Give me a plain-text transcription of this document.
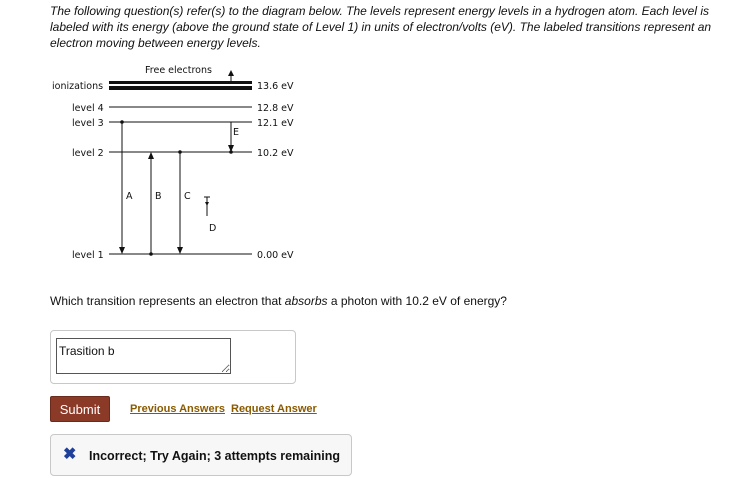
The following question(s) refer(s) to the diagram below. The levels represent energy levels in a hydrogen atom. Each level is labeled with its energy (above the ground state of Level 1) in units of electron/volts (eV). The labeled transitions represent an electron moving between energy levels.

Free electrons
ionizations	13.6 eV
level 4	12.8 eV
level 3	12.1 eV
level 2	10.2 eV
level 1	0.00 eV
A B C
D
E
Which transition represents an electron that absorbs a photon with 10.2 eV of energy?
Trasition b
Submit	Previous Answers Request Answer
✖ Incorrect; Try Again; 3 attempts remaining
